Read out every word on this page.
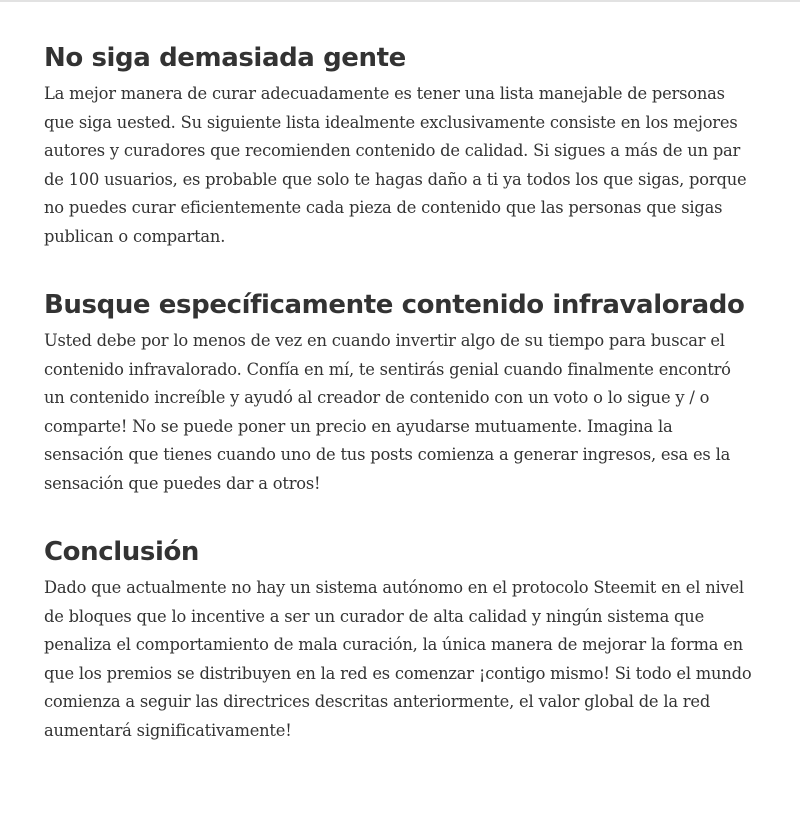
No siga demasiada gente

La mejor manera de curar adecuadamente es tener una lista manejable de personas que siga uested. Su siguiente lista idealmente exclusivamente consiste en los mejores autores y curadores que recomienden contenido de calidad. Si sigues a más de un par de 100 usuarios, es probable que solo te hagas daño a ti ya todos los que sigas, porque no puedes curar eficientemente cada pieza de contenido que las personas que sigas publican o compartan.

Busque específicamente contenido infravalorado

Usted debe por lo menos de vez en cuando invertir algo de su tiempo para buscar el contenido infravalorado. Confía en mí, te sentirás genial cuando finalmente encontró un contenido increíble y ayudó al creador de contenido con un voto o lo sigue y / o comparte! No se puede poner un precio en ayudarse mutuamente. Imagina la sensación que tienes cuando uno de tus posts comienza a generar ingresos, esa es la sensación que puedes dar a otros!

Conclusión

Dado que actualmente no hay un sistema autónomo en el protocolo Steemit en el nivel de bloques que lo incentive a ser un curador de alta calidad y ningún sistema que penaliza el comportamiento de mala curación, la única manera de mejorar la forma en que los premios se distribuyen en la red es comenzar ¡contigo mismo! Si todo el mundo comienza a seguir las directrices descritas anteriormente, el valor global de la red aumentará significativamente!
